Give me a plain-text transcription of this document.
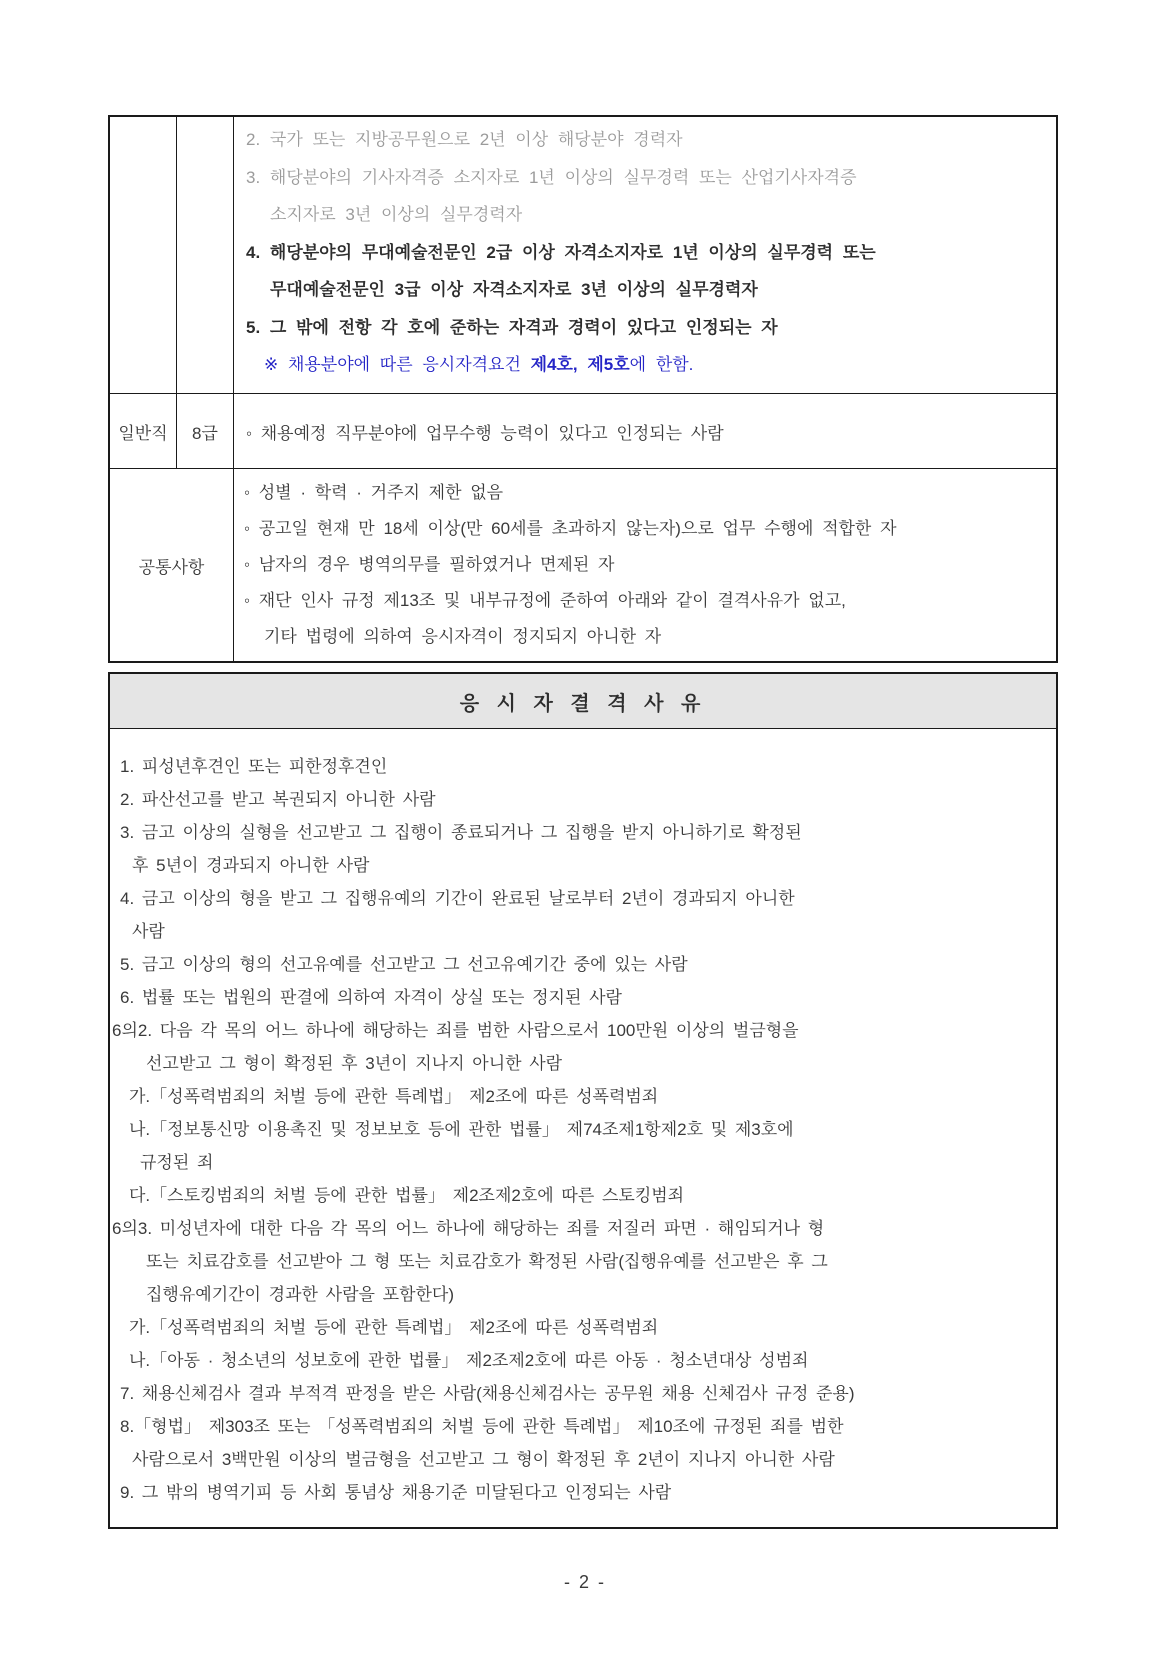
2. 국가 또는 지방공무원으로 2년 이상 해당분야 경력자
3. 해당분야의 기사자격증 소지자로 1년 이상의 실무경력 또는 산업기사자격증
소지자로 3년 이상의 실무경력자
4. 해당분야의 무대예술전문인 2급 이상 자격소지자로 1년 이상의 실무경력 또는
무대예술전문인 3급 이상 자격소지자로 3년 이상의 실무경력자
5. 그 밖에 전항 각 호에 준하는 자격과 경력이 있다고 인정되는 자
※ 채용분야에 따른 응시자격요건 제4호, 제5호에 한함.
일반직 8급 ◦ 채용예정 직무분야에 업무수행 능력이 있다고 인정되는 사람
공통사항
◦ 성별 · 학력 · 거주지 제한 없음
◦ 공고일 현재 만 18세 이상(만 60세를 초과하지 않는자)으로 업무 수행에 적합한 자
◦ 남자의 경우 병역의무를 필하였거나 면제된 자
◦ 재단 인사 규정 제13조 및 내부규정에 준하여 아래와 같이 결격사유가 없고,
기타 법령에 의하여 응시자격이 정지되지 아니한 자
응 시 자 결 격 사 유
1. 피성년후견인 또는 피한정후견인
2. 파산선고를 받고 복권되지 아니한 사람
3. 금고 이상의 실형을 선고받고 그 집행이 종료되거나 그 집행을 받지 아니하기로 확정된
후 5년이 경과되지 아니한 사람
4. 금고 이상의 형을 받고 그 집행유예의 기간이 완료된 날로부터 2년이 경과되지 아니한
사람
5. 금고 이상의 형의 선고유예를 선고받고 그 선고유예기간 중에 있는 사람
6. 법률 또는 법원의 판결에 의하여 자격이 상실 또는 정지된 사람
6의2. 다음 각 목의 어느 하나에 해당하는 죄를 범한 사람으로서 100만원 이상의 벌금형을
선고받고 그 형이 확정된 후 3년이 지나지 아니한 사람
가.「성폭력범죄의 처벌 등에 관한 특례법」 제2조에 따른 성폭력범죄
나.「정보통신망 이용촉진 및 정보보호 등에 관한 법률」 제74조제1항제2호 및 제3호에
규정된 죄
다.「스토킹범죄의 처벌 등에 관한 법률」 제2조제2호에 따른 스토킹범죄
6의3. 미성년자에 대한 다음 각 목의 어느 하나에 해당하는 죄를 저질러 파면 · 해임되거나 형
또는 치료감호를 선고받아 그 형 또는 치료감호가 확정된 사람(집행유예를 선고받은 후 그
집행유예기간이 경과한 사람을 포함한다)
가.「성폭력범죄의 처벌 등에 관한 특례법」 제2조에 따른 성폭력범죄
나.「아동 · 청소년의 성보호에 관한 법률」 제2조제2호에 따른 아동 · 청소년대상 성범죄
7. 채용신체검사 결과 부적격 판정을 받은 사람(채용신체검사는 공무원 채용 신체검사 규정 준용)
8.「형법」 제303조 또는 「성폭력범죄의 처벌 등에 관한 특례법」 제10조에 규정된 죄를 범한
사람으로서 3백만원 이상의 벌금형을 선고받고 그 형이 확정된 후 2년이 지나지 아니한 사람
9. 그 밖의 병역기피 등 사회 통념상 채용기준 미달된다고 인정되는 사람
- 2 -
